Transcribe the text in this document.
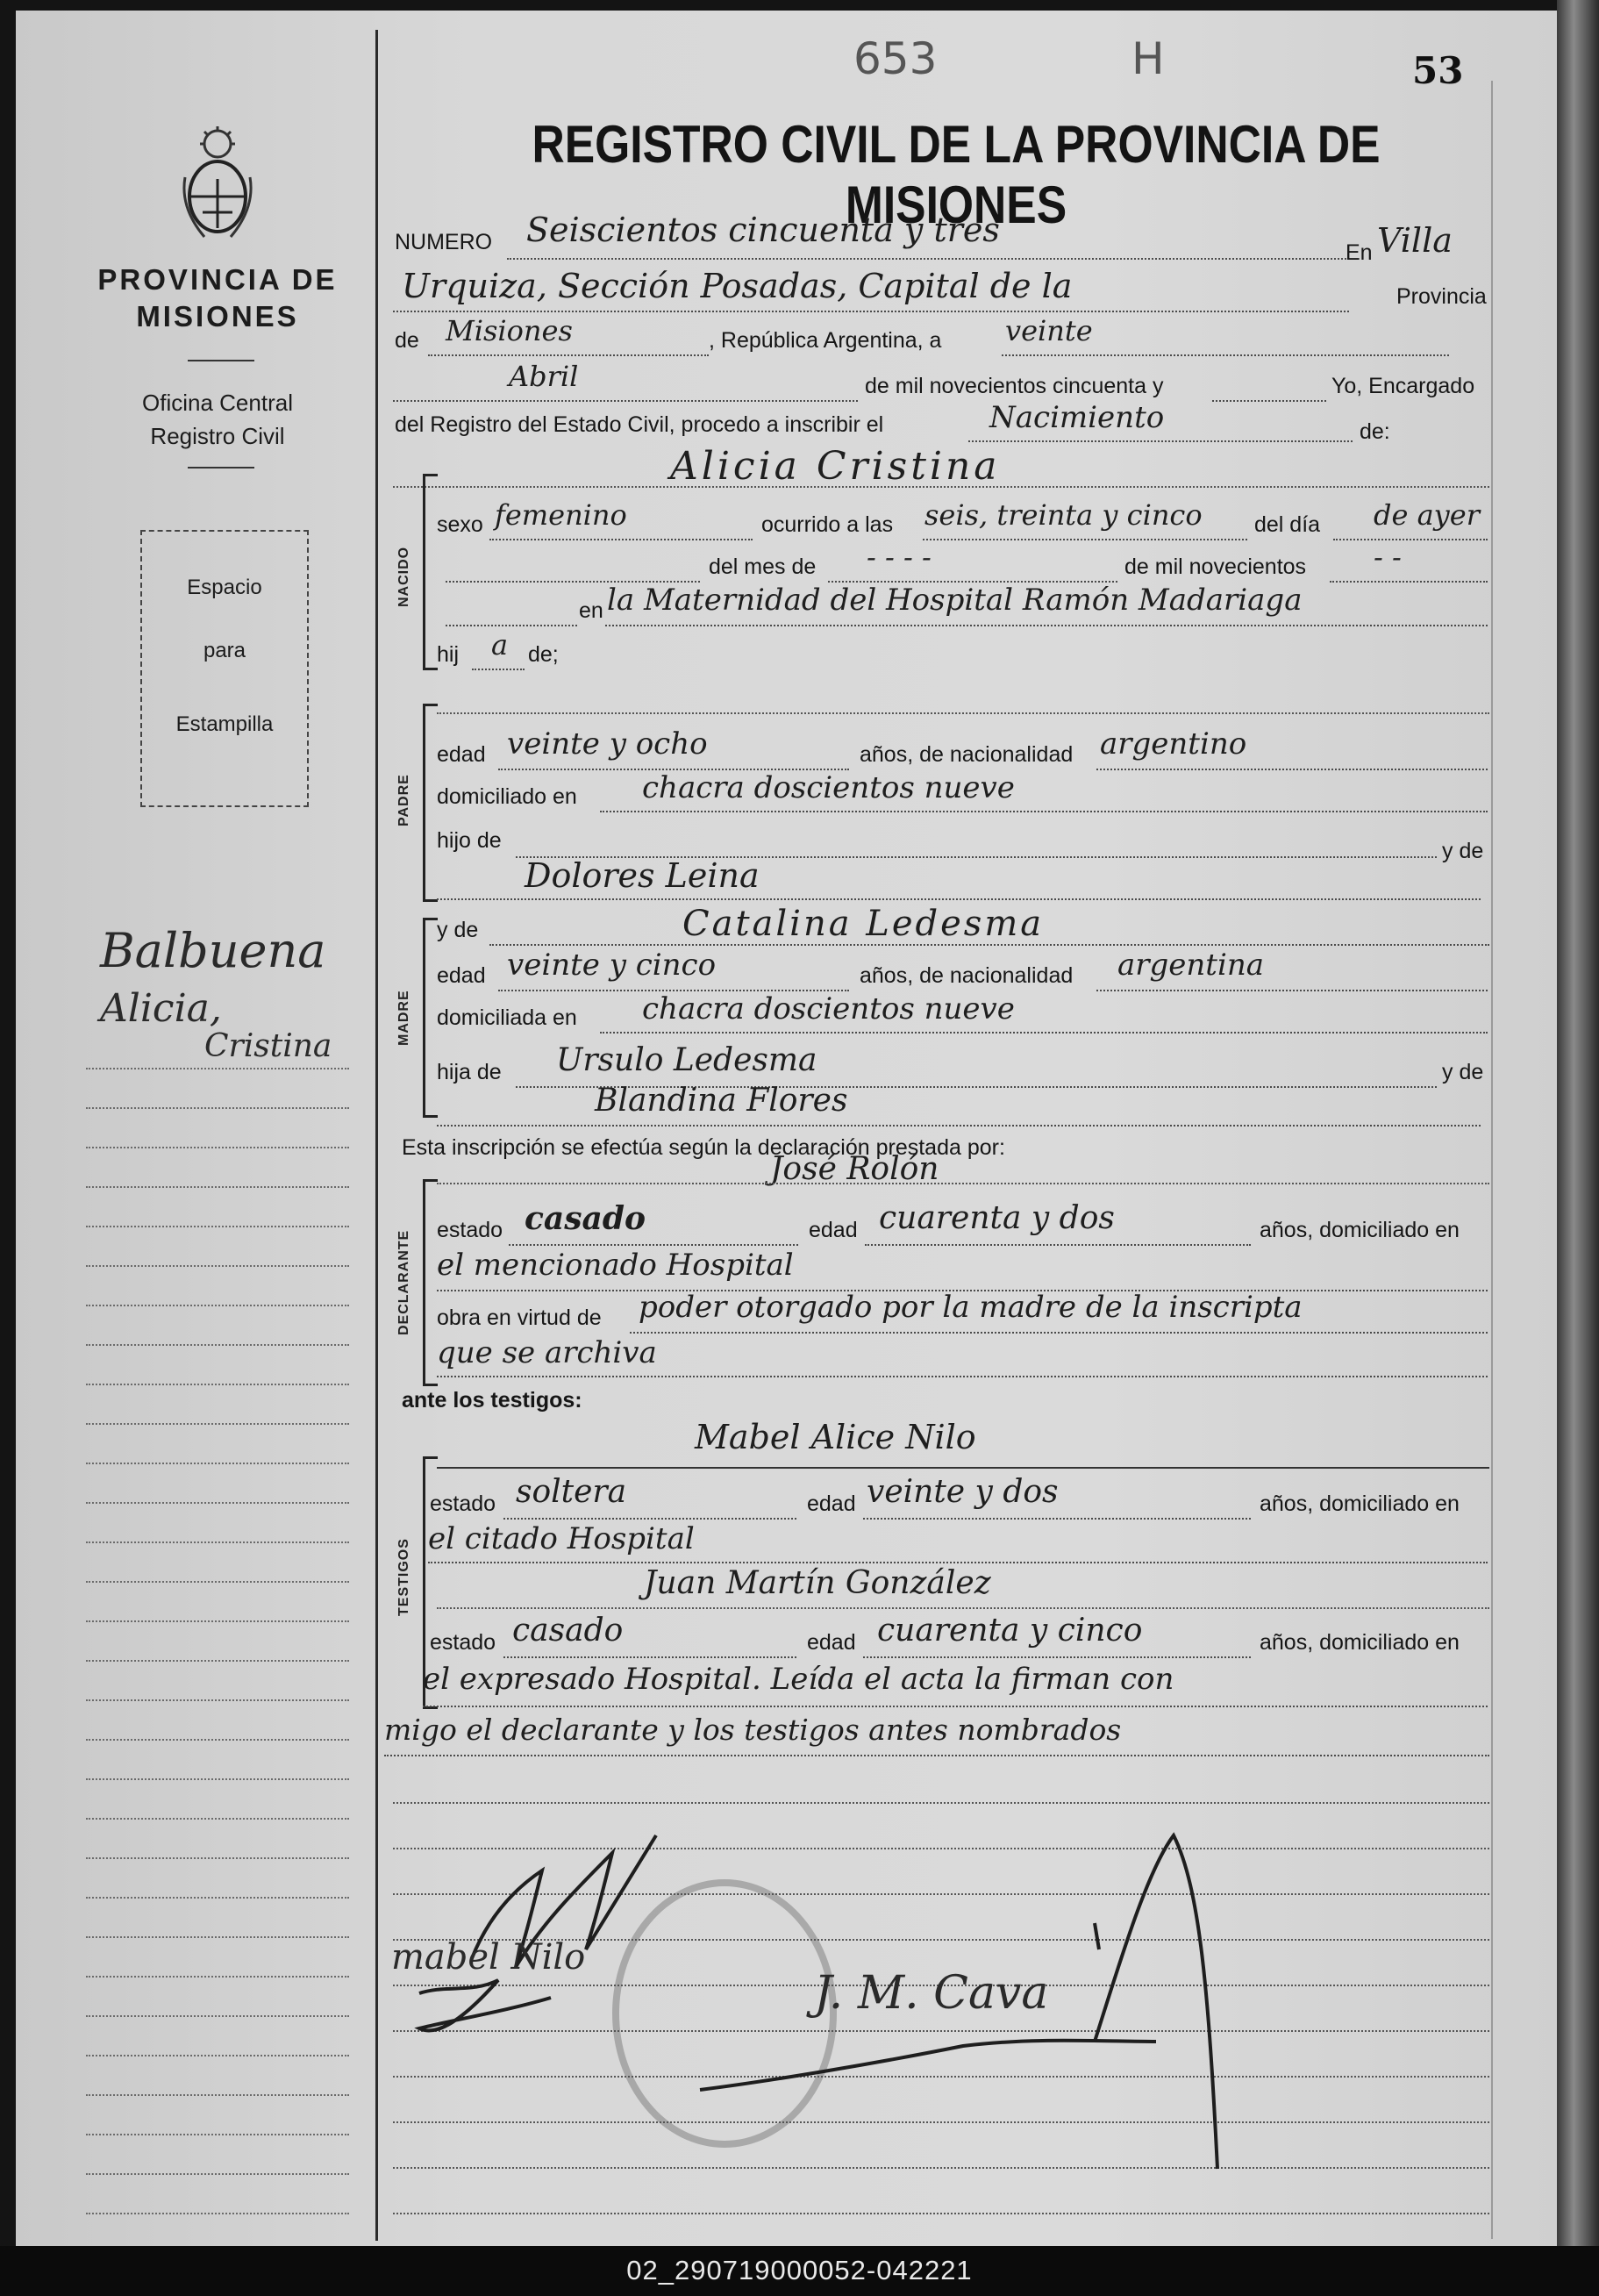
PROVINCIA DE
MISIONES
Oficina Central
Registro Civil
Espacio
para
Estampilla
Balbuena
Alicia,
Cristina
653	H	53
REGISTRO CIVIL DE LA PROVINCIA DE MISIONES
NUMERO Seiscientos cincuenta y tres
En Villa
Urquiza, Sección Posadas, Capital de la	Provincia
de Misiones	, República Argentina, a veinte
Abril	de mil novecientos cincuenta y	Yo, Encargado
del Registro del Estado Civil, procedo a inscribir el	Nacimiento	de:
Alicia Cristina
NACIDO
sexo femenino	ocurrido a las seis, treinta y cinco del día de ayer
del mes de - - - -	de mil novecientos - -
en la Maternidad del Hospital Ramón Madariaga
hij a de;
PADRE
edad veinte y ocho	años, de nacionalidad argentino
domiciliado en chacra doscientos nueve
hijo de	y de
Dolores Leina
MADRE
y de	Catalina Ledesma
edad veinte y cinco	años, de nacionalidad argentina
domiciliada en chacra doscientos nueve
hija de Ursulo Ledesma	y de
Blandina Flores
Esta inscripción se efectúa según la declaración prestada por:
José Rolón
DECLARANTE estado casado	edad cuarenta y dos	años, domiciliado en
el mencionado Hospital
obra en virtud de poder otorgado por la madre de la inscripta
que se archiva
ante los testigos:
TESTIGOS
Mabel Alice Nilo
estado soltera	edad veinte y dos	años, domiciliado en
el citado Hospital
Juan Martín González
estado casado	edad cuarenta y cinco	años, domiciliado en
el expresado Hospital. Leída el acta la firman con
migo el declarante y los testigos antes nombrados
mabel Nilo
J. M. Cava
02_290719000052-042221
